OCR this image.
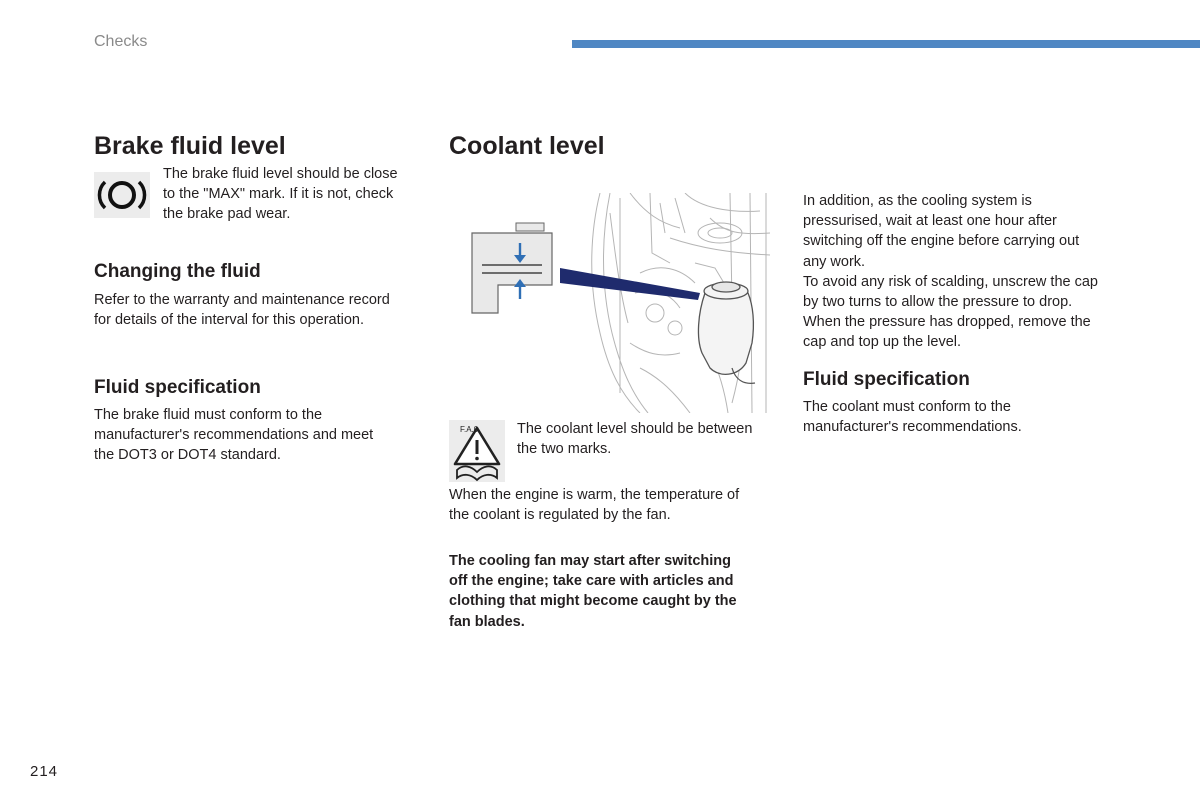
Checks
Brake fluid level

The brake fluid level should be close

to the "MAX" mark. If it is not, check

the brake pad wear.

Changing the fluid

Refer to the warranty and maintenance record

for details of the interval for this operation.

Fluid specification

The brake fluid must conform to the

manufacturer's recommendations and meet

the DOT3 or DOT4 standard.

Coolant level
F.A.0	The coolant level should be between

the two marks.

When the engine is warm, the temperature of

the coolant is regulated by the fan.

The cooling fan may start after switching

off the engine; take care with articles and

clothing that might become caught by the

fan blades.

In addition, as the cooling system is

pressurised, wait at least one hour after

switching off the engine before carrying out

any work.

To avoid any risk of scalding, unscrew the cap

by two turns to allow the pressure to drop.

When the pressure has dropped, remove the

cap and top up the level.

Fluid specification

The coolant must conform to the

manufacturer's recommendations.

214
